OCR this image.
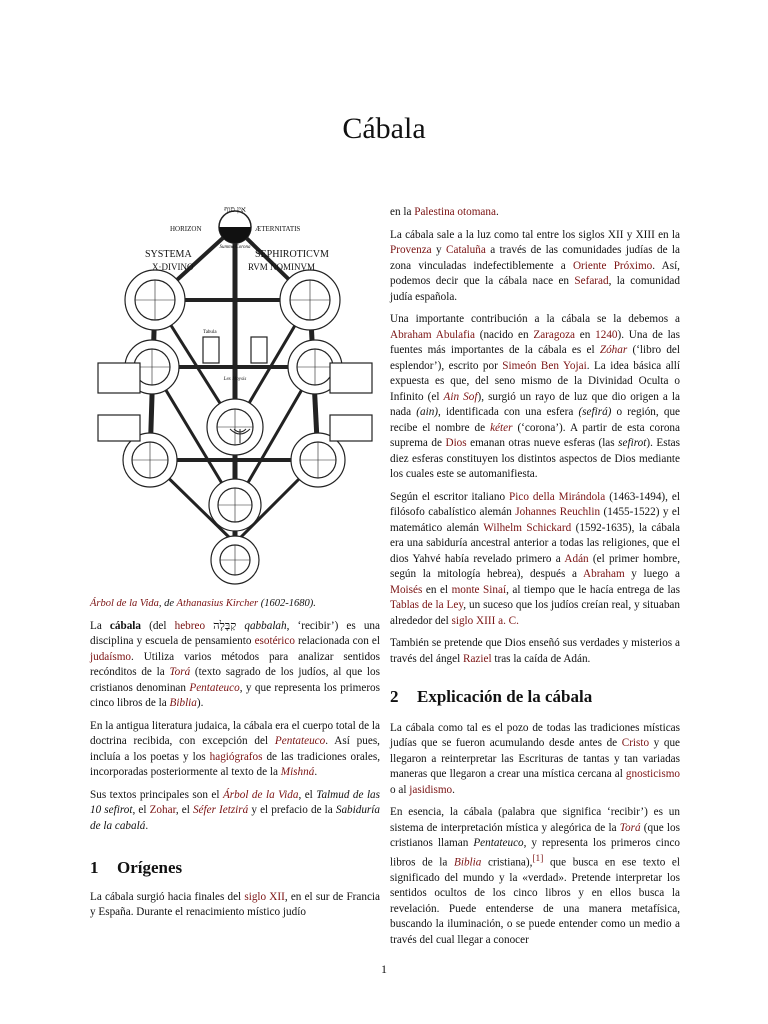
Cábala
אין סוף
HORIZON	ÆTERNITATIS
Summa Corona
SYSTEMA	SEPHIROTICVM
X·DIVINO	RVM NOMINVM
Tabula
Lex Moysis

Árbol de la Vida, de Athanasius Kircher (1602-1680).

La cábala (del hebreo קַבָּלָה qabbalah, ‘recibir’) es una disciplina y escuela de pensamiento esotérico relacionada con el judaísmo. Utiliza varios métodos para analizar sentidos recónditos de la Torá (texto sagrado de los judíos, al que los cristianos denominan Pentateuco, y que representa los primeros cinco libros de la Biblia).

En la antigua literatura judaica, la cábala era el cuerpo total de la doctrina recibida, con excepción del Pentateuco. Así pues, incluía a los poetas y los hagiógrafos de las tradiciones orales, incorporadas posteriormente al texto de la Mishná.

Sus textos principales son el Árbol de la Vida, el Talmud de las 10 sefirot, el Zohar, el Séfer Ietzirá y el prefacio de la Sabiduría de la cabalá.

1	Orígenes

La cábala surgió hacia finales del siglo XII, en el sur de Francia y España. Durante el renacimiento místico judío

en la Palestina otomana.

La cábala sale a la luz como tal entre los siglos XII y XIII en la Provenza y Cataluña a través de las comunidades judías de la zona vinculadas indefectiblemente a Oriente Próximo. Así, podemos decir que la cábala nace en Sefarad, la comunidad judía española.

Una importante contribución a la cábala se la debemos a Abraham Abulafia (nacido en Zaragoza en 1240). Una de las fuentes más importantes de la cábala es el Zóhar (‘libro del esplendor’), escrito por Simeón Ben Yojai. La idea básica allí expuesta es que, del seno mismo de la Divinidad Oculta o Infinito (el Ain Sof), surgió un rayo de luz que dio origen a la nada (ain), identificada con una esfera (sefirá) o región, que recibe el nombre de kéter (‘corona’). A partir de esta corona suprema de Dios emanan otras nueve esferas (las sefirot). Estas diez esferas constituyen los distintos aspectos de Dios mediante los cuales este se automanifiesta.

Según el escritor italiano Pico della Mirándola (1463-1494), el filósofo cabalístico alemán Johannes Reuchlin (1455-1522) y el matemático alemán Wilhelm Schickard (1592-1635), la cábala era una sabiduría ancestral anterior a todas las religiones, que el dios Yahvé había revelado primero a Adán (el primer hombre, según la mitología hebrea), después a Abraham y luego a Moisés en el monte Sinaí, al tiempo que le hacía entrega de las Tablas de la Ley, un suceso que los judíos creían real, y situaban alrededor del siglo XIII a. C.

También se pretende que Dios enseñó sus verdades y misterios a través del ángel Raziel tras la caída de Adán.

2	Explicación de la cábala

La cábala como tal es el pozo de todas las tradiciones místicas judías que se fueron acumulando desde antes de Cristo y que llegaron a reinterpretar las Escrituras de tantas y tan variadas maneras que llegaron a crear una mística cercana al gnosticismo o al jasidismo.

En esencia, la cábala (palabra que significa ‘recibir’) es un sistema de interpretación mística y alegórica de la Torá (que los cristianos llaman Pentateuco, y representa los primeros cinco libros de la Biblia cristiana),[1] que busca en ese texto el significado del mundo y la «verdad». Pretende interpretar los sentidos ocultos de los cinco libros y en ellos busca la revelación. Puede entenderse de una manera metafísica, buscando la iluminación, o se puede entender como un medio a través del cual llegar a conocer

1
